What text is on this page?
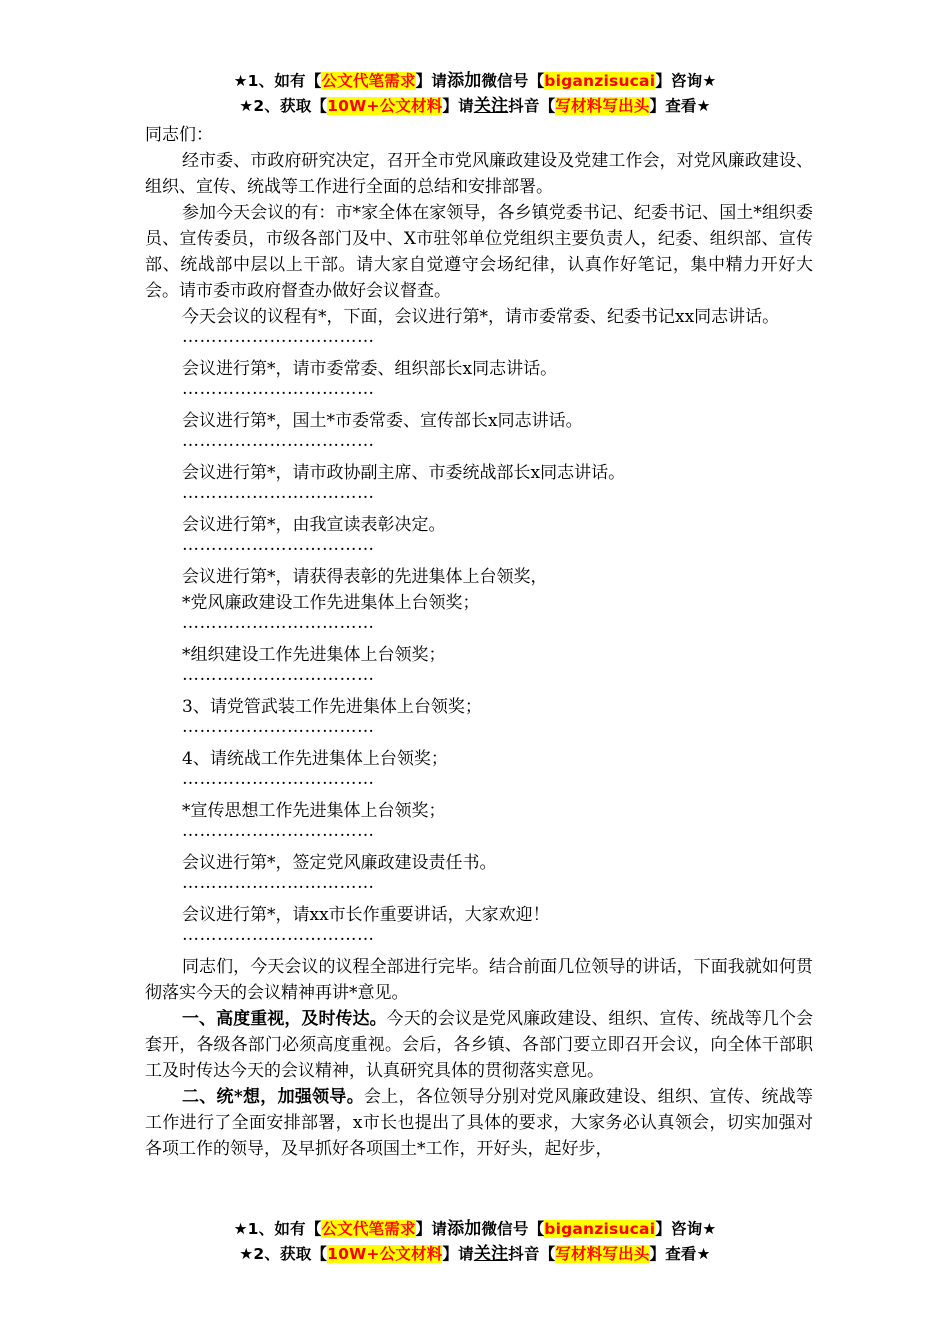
★1、如有【公文代笔需求】请添加微信号【biganzisucai】咨询★
★2、获取【10W+公文材料】请关注抖音【写材料写出头】查看★

同志们：

经市委、市政府研究决定，召开全市党风廉政建设及党建工作会，对党风廉政建设、组织、宣传、统战等工作进行全面的总结和安排部署。

参加今天会议的有：市*家全体在家领导，各乡镇党委书记、纪委书记、国土*组织委员、宣传委员，市级各部门及中、X市驻邻单位党组织主要负责人，纪委、组织部、宣传部、统战部中层以上干部。请大家自觉遵守会场纪律，认真作好笔记，集中精力开好大会。请市委市政府督查办做好会议督查。

今天会议的议程有*，下面，会议进行第*，请市委常委、纪委书记xx同志讲话。

……………………………

会议进行第*，请市委常委、组织部长x同志讲话。

……………………………

会议进行第*，国土*市委常委、宣传部长x同志讲话。

……………………………

会议进行第*，请市政协副主席、市委统战部长x同志讲话。

……………………………

会议进行第*，由我宣读表彰决定。

……………………………

会议进行第*，请获得表彰的先进集体上台领奖，

*党风廉政建设工作先进集体上台领奖；

……………………………

*组织建设工作先进集体上台领奖；

……………………………

3、请党管武装工作先进集体上台领奖；

……………………………

4、请统战工作先进集体上台领奖；

……………………………

*宣传思想工作先进集体上台领奖；

……………………………

会议进行第*，签定党风廉政建设责任书。

……………………………

会议进行第*，请xx市长作重要讲话，大家欢迎！

……………………………

同志们，今天会议的议程全部进行完毕。结合前面几位领导的讲话，下面我就如何贯彻落实今天的会议精神再讲*意见。

一、高度重视，及时传达。今天的会议是党风廉政建设、组织、宣传、统战等几个会套开，各级各部门必须高度重视。会后，各乡镇、各部门要立即召开会议，向全体干部职工及时传达今天的会议精神，认真研究具体的贯彻落实意见。

二、统*想，加强领导。会上，各位领导分别对党风廉政建设、组织、宣传、统战等工作进行了全面安排部署，x市长也提出了具体的要求，大家务必认真领会，切实加强对各项工作的领导，及早抓好各项国土*工作，开好头，起好步，

★1、如有【公文代笔需求】请添加微信号【biganzisucai】咨询★
★2、获取【10W+公文材料】请关注抖音【写材料写出头】查看★
